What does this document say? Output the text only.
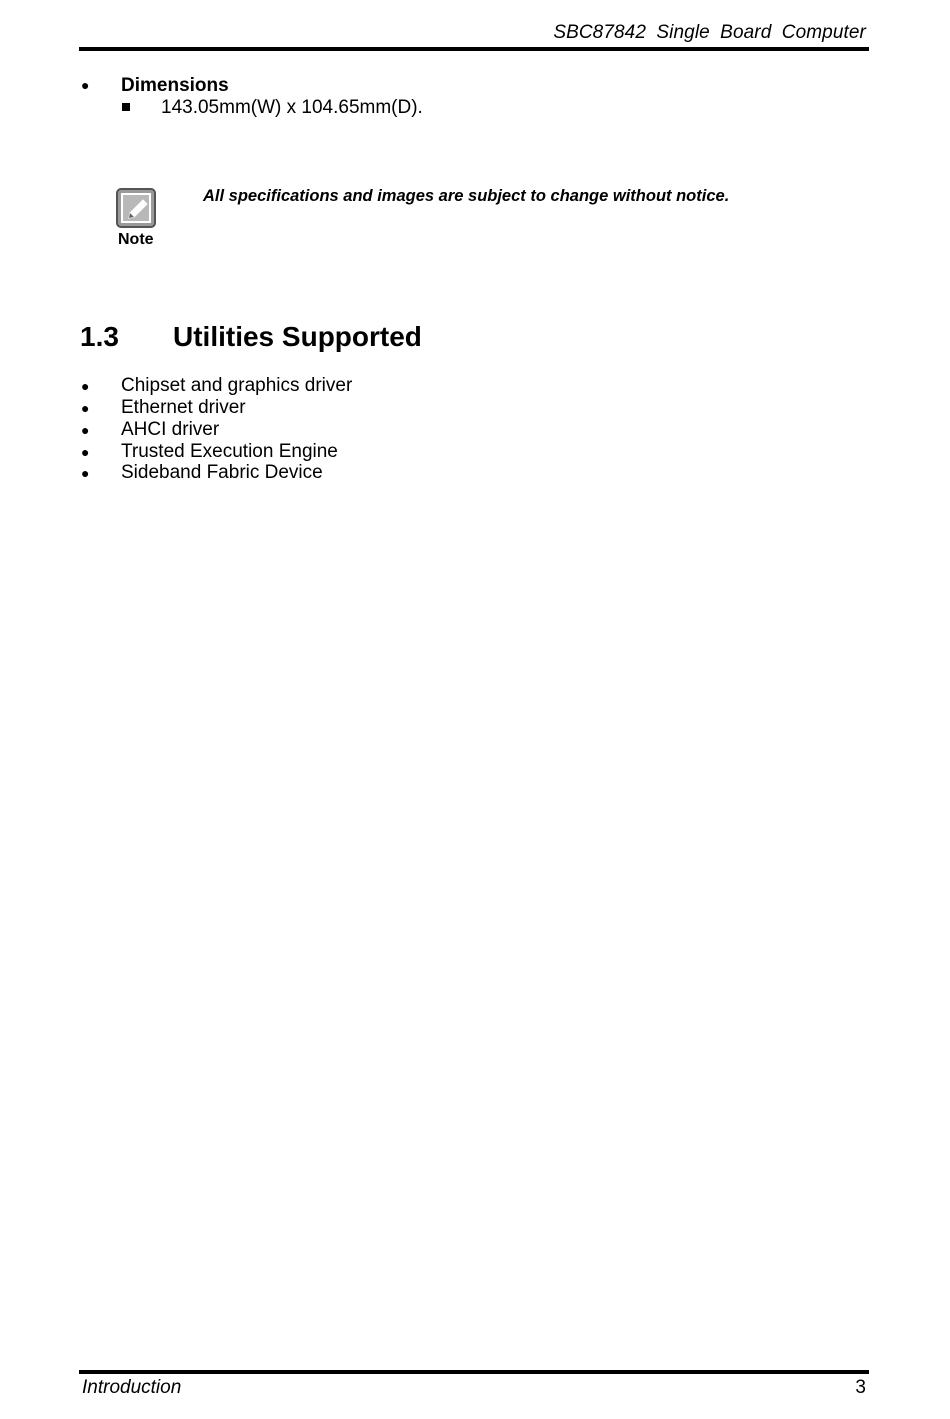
SBC87842 Single Board Computer
● Dimensions
143.05mm(W) x 104.65mm(D).
Note
All specifications and images are subject to change without notice.
1.3 Utilities Supported
● Chipset and graphics driver
● Ethernet driver
● AHCI driver
● Trusted Execution Engine
● Sideband Fabric Device
Introduction	3
